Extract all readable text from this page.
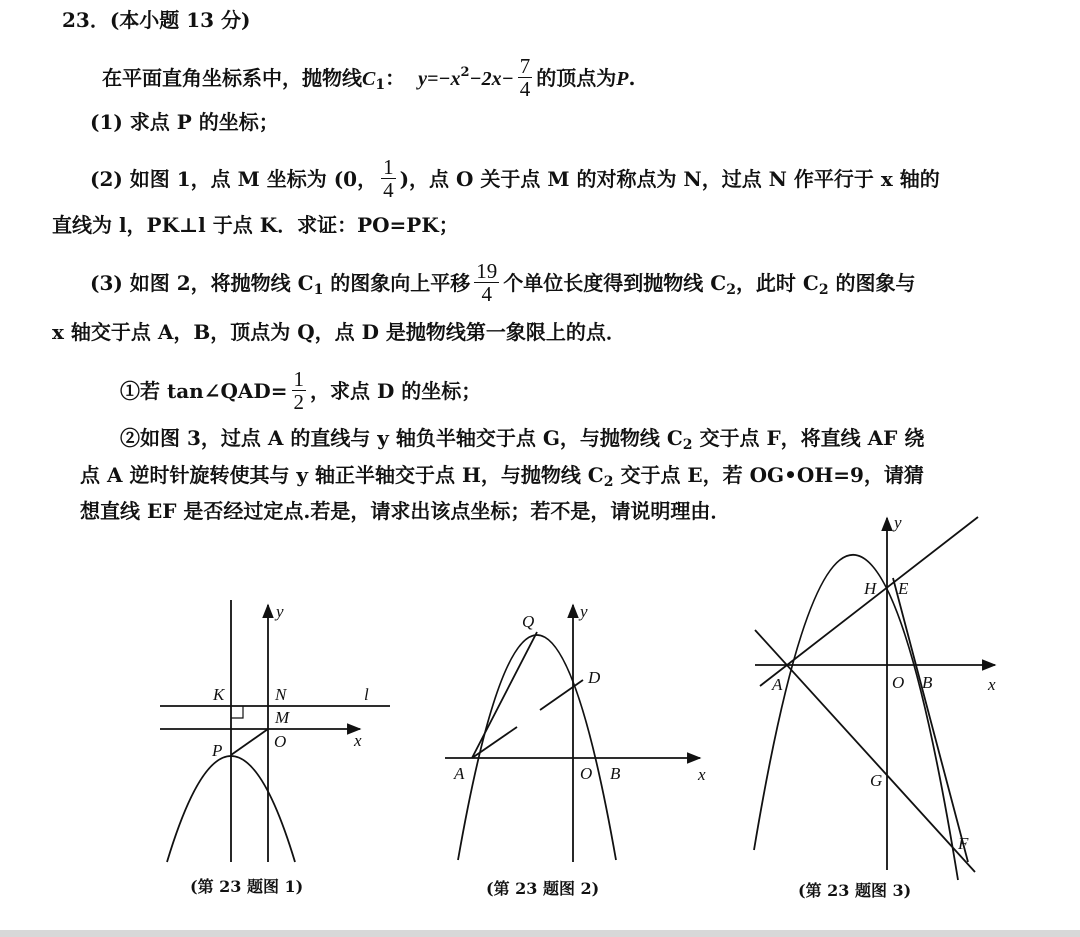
23．(本小题 13 分)
在平面直角坐标系中，抛物线$C_1$： $y=-x^2-2x- \frac{7}{4}$ 的顶点为P.
(1) 求点 P 的坐标；
(2) 如图 1，点 M 坐标为 (0， $\frac{1}{4}$ )，点 O 关于点 M 的对称点为 N，过点 N 作平行于 x 轴的
直线为 l，PK⊥l 于点 K．求证：PO=PK；
(3) 如图 2，将抛物线 $C_1$ 的图象向上平移 $\frac{19}{4}$ 个单位长度得到抛物线 $C_2$，此时 $C_2$ 的图象与
x 轴交于点 A，B，顶点为 Q，点 D 是抛物线第一象限上的点．
①若 tan∠QAD= $\frac{1}{2}$ ，求点 D 的坐标；
②如图 3，过点 A 的直线与 y 轴负半轴交于点 G，与抛物线 $C_2$ 交于点 F，将直线 AF 绕
点 A 逆时针旋转使其与 y 轴正半轴交于点 H，与抛物线 $C_2$ 交于点 E，若 OG•OH=9，请猜
想直线 EF 是否经过定点.若是，请求出该点坐标；若不是，请说明理由．
y
x
K	N	l
M
O
P
y
x
Q
D
A	O B
y
x
H E
A	O B
G
F
(第 23 题图 1)	(第 23 题图 2)	(第 23 题图 3)
